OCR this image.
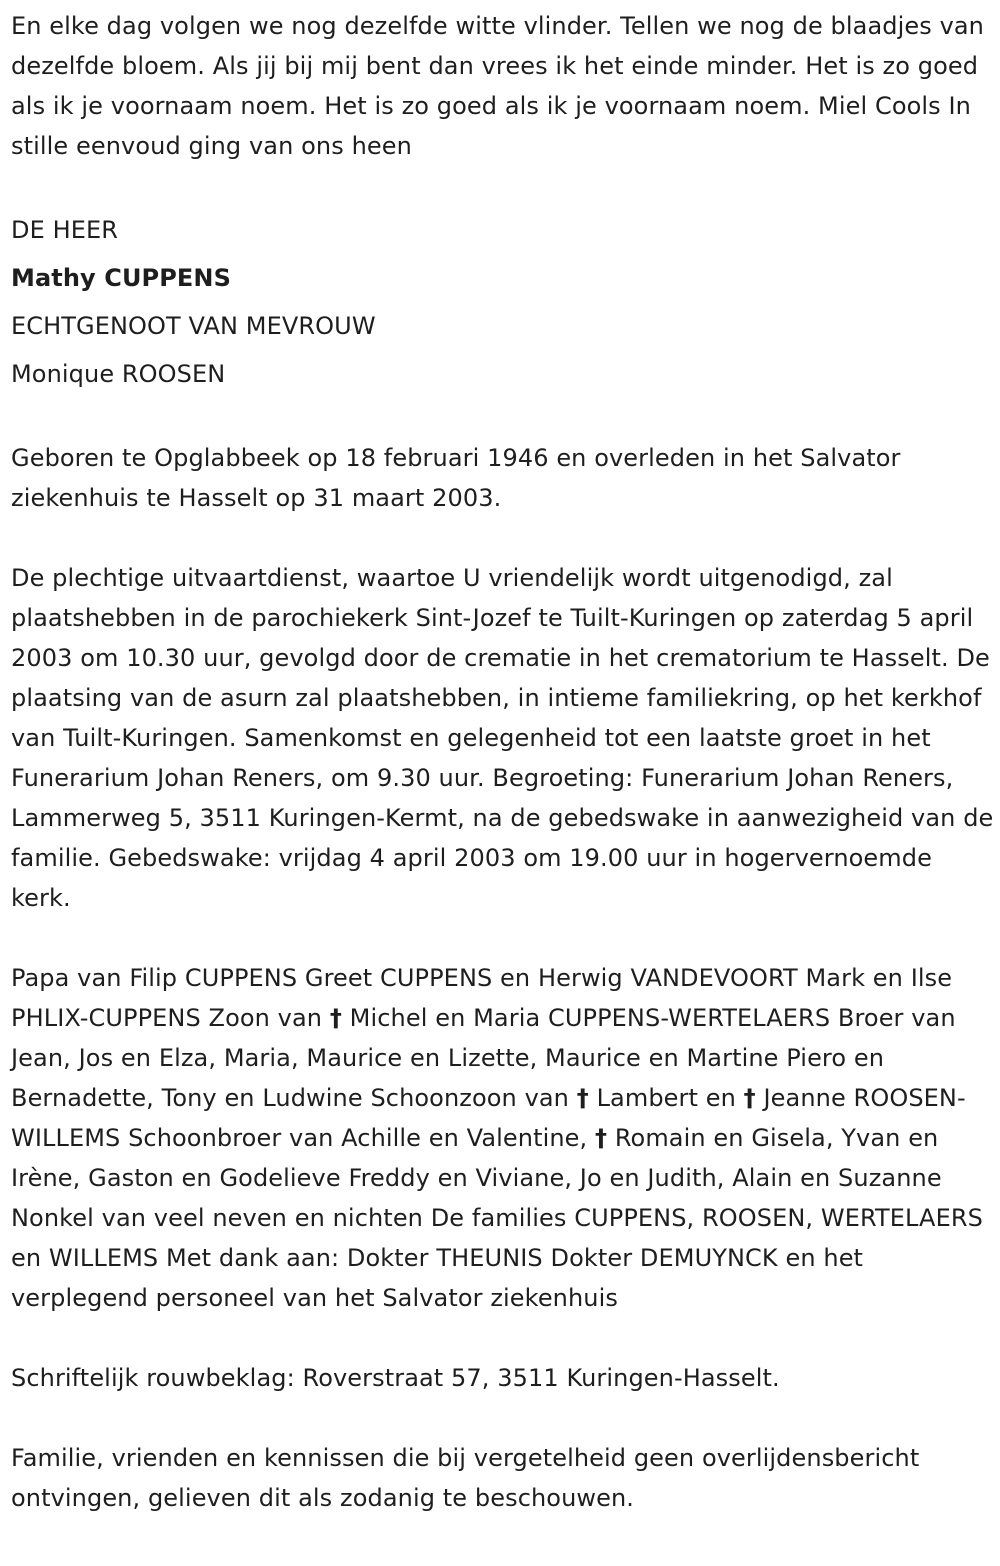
En elke dag volgen we nog dezelfde witte vlinder. Tellen we nog de blaadjes van dezelfde bloem. Als jij bij mij bent dan vrees ik het einde minder. Het is zo goed als ik je voornaam noem. Het is zo goed als ik je voornaam noem. Miel Cools In stille eenvoud ging van ons heen

DE HEER
Mathy CUPPENS
ECHTGENOOT VAN MEVROUW
Monique ROOSEN

Geboren te Opglabbeek op 18 februari 1946 en overleden in het Salvator ziekenhuis te Hasselt op 31 maart 2003.

De plechtige uitvaartdienst, waartoe U vriendelijk wordt uitgenodigd, zal plaatshebben in de parochiekerk Sint-Jozef te Tuilt-Kuringen op zaterdag 5 april 2003 om 10.30 uur, gevolgd door de crematie in het crematorium te Hasselt. De plaatsing van de asurn zal plaatshebben, in intieme familiekring, op het kerkhof van Tuilt-Kuringen. Samenkomst en gelegenheid tot een laatste groet in het Funerarium Johan Reners, om 9.30 uur. Begroeting: Funerarium Johan Reners, Lammerweg 5, 3511 Kuringen-Kermt, na de gebedswake in aanwezigheid van de familie. Gebedswake: vrijdag 4 april 2003 om 19.00 uur in hogervernoemde kerk.

Papa van Filip CUPPENS Greet CUPPENS en Herwig VANDEVOORT Mark en Ilse PHLIX-CUPPENS Zoon van † Michel en Maria CUPPENS-WERTELAERS Broer van Jean, Jos en Elza, Maria, Maurice en Lizette, Maurice en Martine Piero en Bernadette, Tony en Ludwine Schoonzoon van † Lambert en † Jeanne ROOSEN-WILLEMS Schoonbroer van Achille en Valentine, † Romain en Gisela, Yvan en Irène, Gaston en Godelieve Freddy en Viviane, Jo en Judith, Alain en Suzanne Nonkel van veel neven en nichten De families CUPPENS, ROOSEN, WERTELAERS en WILLEMS Met dank aan: Dokter THEUNIS Dokter DEMUYNCK en het verplegend personeel van het Salvator ziekenhuis

Schriftelijk rouwbeklag: Roverstraat 57, 3511 Kuringen-Hasselt.

Familie, vrienden en kennissen die bij vergetelheid geen overlijdensbericht ontvingen, gelieven dit als zodanig te beschouwen.
